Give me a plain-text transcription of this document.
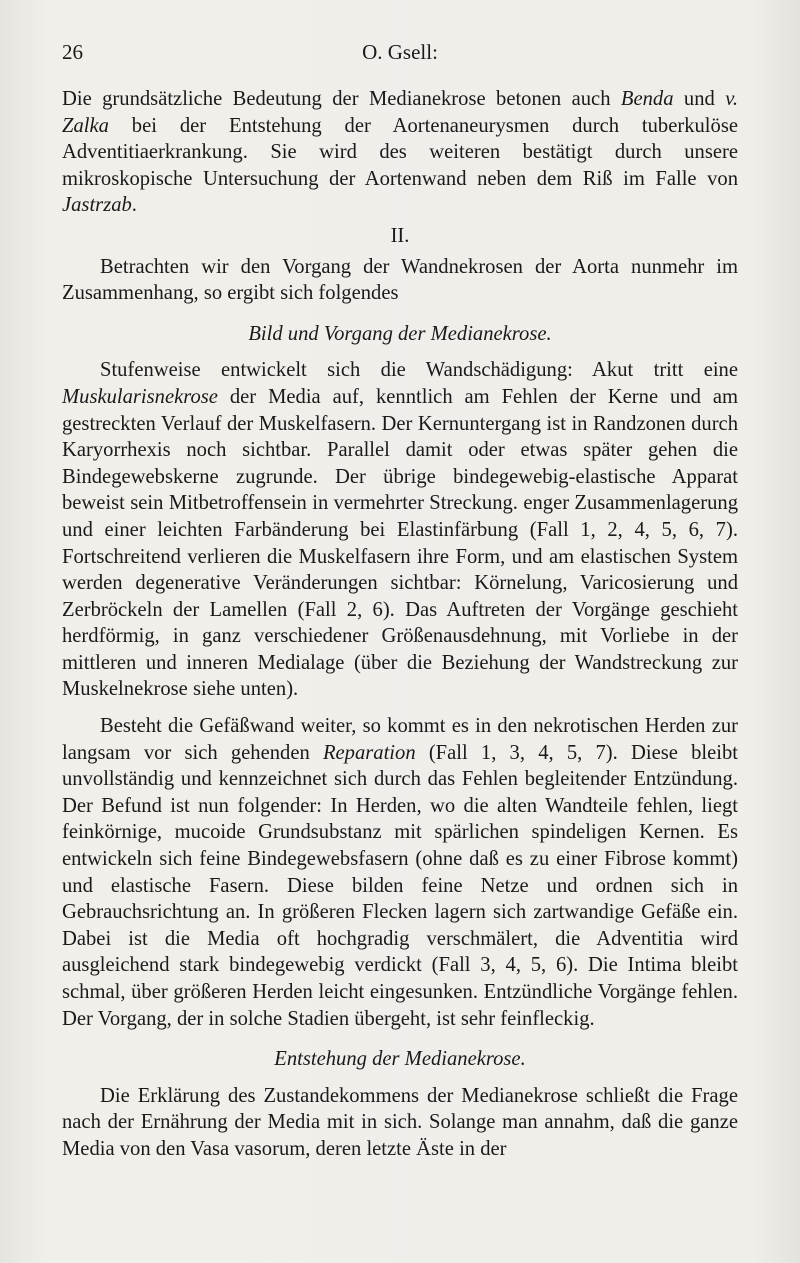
26	O. Gsell:

Die grundsätzliche Bedeutung der Medianekrose betonen auch Benda und v. Zalka bei der Entstehung der Aortenaneurysmen durch tuberkulöse Adventitiaerkrankung. Sie wird des weiteren bestätigt durch unsere mikroskopische Untersuchung der Aortenwand neben dem Riß im Falle von Jastrzab.

II.

Betrachten wir den Vorgang der Wandnekrosen der Aorta nunmehr im Zusammenhang, so ergibt sich folgendes

Bild und Vorgang der Medianekrose.

Stufenweise entwickelt sich die Wandschädigung: Akut tritt eine Muskularisnekrose der Media auf, kenntlich am Fehlen der Kerne und am gestreckten Verlauf der Muskelfasern. Der Kernuntergang ist in Randzonen durch Karyorrhexis noch sichtbar. Parallel damit oder etwas später gehen die Bindegewebskerne zugrunde. Der übrige bindegewebig-elastische Apparat beweist sein Mitbetroffensein in vermehrter Streckung. enger Zusammenlagerung und einer leichten Farbänderung bei Elastinfärbung (Fall 1, 2, 4, 5, 6, 7). Fortschreitend verlieren die Muskelfasern ihre Form, und am elastischen System werden degenerative Veränderungen sichtbar: Körnelung, Varicosierung und Zerbröckeln der Lamellen (Fall 2, 6). Das Auftreten der Vorgänge geschieht herdförmig, in ganz verschiedener Größenausdehnung, mit Vorliebe in der mittleren und inneren Medialage (über die Beziehung der Wandstreckung zur Muskelnekrose siehe unten).

Besteht die Gefäßwand weiter, so kommt es in den nekrotischen Herden zur langsam vor sich gehenden Reparation (Fall 1, 3, 4, 5, 7). Diese bleibt unvollständig und kennzeichnet sich durch das Fehlen begleitender Entzündung. Der Befund ist nun folgender: In Herden, wo die alten Wandteile fehlen, liegt feinkörnige, mucoide Grundsubstanz mit spärlichen spindeligen Kernen. Es entwickeln sich feine Bindegewebsfasern (ohne daß es zu einer Fibrose kommt) und elastische Fasern. Diese bilden feine Netze und ordnen sich in Gebrauchsrichtung an. In größeren Flecken lagern sich zartwandige Gefäße ein. Dabei ist die Media oft hochgradig verschmälert, die Adventitia wird ausgleichend stark bindegewebig verdickt (Fall 3, 4, 5, 6). Die Intima bleibt schmal, über größeren Herden leicht eingesunken. Entzündliche Vorgänge fehlen. Der Vorgang, der in solche Stadien übergeht, ist sehr feinfleckig.

Entstehung der Medianekrose.

Die Erklärung des Zustandekommens der Medianekrose schließt die Frage nach der Ernährung der Media mit in sich. Solange man annahm, daß die ganze Media von den Vasa vasorum, deren letzte Äste in der
